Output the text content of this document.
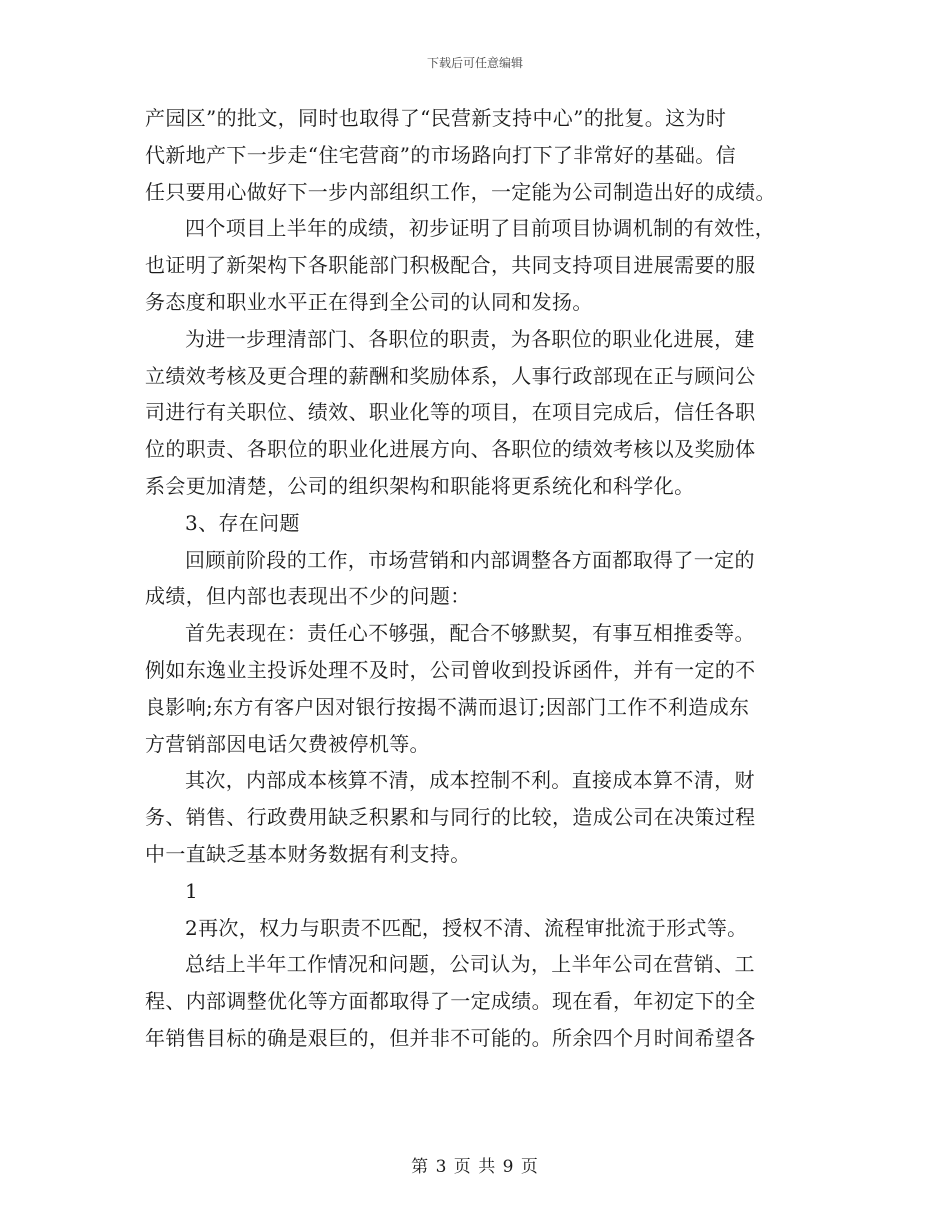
下载后可任意编辑
产园区”的批文，同时也取得了“民营新支持中心”的批复。这为时
代新地产下一步走“住宅营商”的市场路向打下了非常好的基础。信
任只要用心做好下一步内部组织工作，一定能为公司制造出好的成绩。
四个项目上半年的成绩，初步证明了目前项目协调机制的有效性，
也证明了新架构下各职能部门积极配合，共同支持项目进展需要的服
务态度和职业水平正在得到全公司的认同和发扬。
为进一步理清部门、各职位的职责，为各职位的职业化进展，建
立绩效考核及更合理的薪酬和奖励体系，人事行政部现在正与顾问公
司进行有关职位、绩效、职业化等的项目，在项目完成后，信任各职
位的职责、各职位的职业化进展方向、各职位的绩效考核以及奖励体
系会更加清楚，公司的组织架构和职能将更系统化和科学化。
3、存在问题
回顾前阶段的工作，市场营销和内部调整各方面都取得了一定的
成绩，但内部也表现出不少的问题：
首先表现在：责任心不够强，配合不够默契，有事互相推委等。
例如东逸业主投诉处理不及时，公司曾收到投诉函件，并有一定的不
良影响;东方有客户因对银行按揭不满而退订;因部门工作不利造成东
方营销部因电话欠费被停机等。
其次，内部成本核算不清，成本控制不利。直接成本算不清，财
务、销售、行政费用缺乏积累和与同行的比较，造成公司在决策过程
中一直缺乏基本财务数据有利支持。
1
2再次，权力与职责不匹配，授权不清、流程审批流于形式等。
总结上半年工作情况和问题，公司认为，上半年公司在营销、工
程、内部调整优化等方面都取得了一定成绩。现在看，年初定下的全
年销售目标的确是艰巨的，但并非不可能的。所余四个月时间希望各
第 3 页 共 9 页
